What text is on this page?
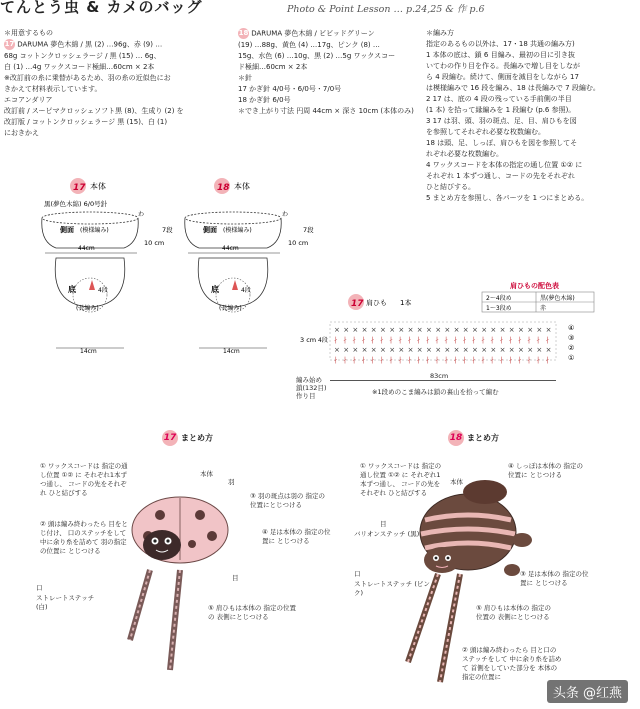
てんとう虫 & カメのバッグ	Photo & Point Lesson … p.24,25 & 作 p.6

＊用意するもの

17 DARUMA 夢色木綿 / 黒 (2) …96g、赤 (9) …

68g コットンクロッシェラージ / 黒 (15) … 6g、

白 (1) …4g ワックスコード極細…60cm × 2本

※改訂前の糸に乗替があるため、羽の糸の近似色にお

きかえて材料表示しています。

エコアンダリア

改訂前 / スーピマクロッシェソフト黒 (8)、生成り (2) を

改訂版 / コットンクロッシェラージ 黒 (15)、白 (1)

におきかえ

18 DARUMA 夢色木綿 / ビビッドグリーン

(19) …88g、黄色 (4) …17g、ピンク (8) …

15g、水色 (6) …10g、黒 (2) …5g ワックスコー

ド極細…60cm × 2本

＊針

17 かぎ針 4/0号・6/0号・7/0号

18 かぎ針 6/0号

＊でき上がり寸法 円周 44cm × 深さ 10cm (本体のみ)

＊編み方

指定のあるもの以外は、17・18 共通の編み方)

1 本体の底は、鎖 6 目編み、最初の目に引き抜

いてわの作り目を作る。長編みで増し目をしなが

ら 4 段編む。続けて、側面を減目をしながら 17

は模様編みで 16 段を編み、18 は長編みで 7 段編む。

2 17 は、底の 4 段の残っている手前側の半目

(1 本) を拾って縁編みを 1 段編む (p.6 参照)。

3 17 は羽、頭、羽の斑点、足、目、肩ひもを図

を参照してそれぞれ必要な枚数編む。

18 は頭、足、しっぽ、肩ひもを図を参照してそ

れぞれ必要な枚数編む。

4 ワックスコードを本体の指定の通し位置 ①② に

それぞれ 1 本ずつ通し、コードの先をそれぞれ

ひと結びする。

5 まとめ方を参照し、各パーツを 1 つにまとめる。

17 本体
黒(夢色木綿) 6/0号針
側面 (模様編み)
44cm
10 cm
7段
わ
底
(長編み)
4段
14cm
18 本体
側面 (模様編み)
44cm
10 cm
7段
わ
底
(長編み)
4段
14cm
肩ひもの配色表
2〜4段め	黒(夢色木綿)
1〜3段め	赤
17 肩ひも 1本
× × × × × × × × × × × × × × × × × × × × × × × ×
∤ ∤ ∤ ∤ ∤ ∤ ∤ ∤ ∤ ∤ ∤ ∤ ∤ ∤ ∤ ∤ ∤ ∤ ∤ ∤ ∤ ∤ ∤ ∤
× × × × × × × × × × × × × × × × × × × × × × × ×
∤ ∤ ∤ ∤ ∤ ∤ ∤ ∤ ∤ ∤ ∤ ∤ ∤ ∤ ∤ ∤ ∤ ∤ ∤ ∤ ∤ ∤ ∤ ∤
3 cm 4段
④
③
②
①
編み始め
鎖(132目)
作り目
83cm
※1段めのこま編みは鎖の裏山を拾って編む
17 まとめ方
① ワックスコードは 指定の通し位置 ①② に それぞれ1本ずつ通し、 コードの先をそれぞれ ひと結びする
② 頭は編み終わったら 目をとじ付け、 口のステッチをして 中に余り糸を詰めて 羽の指定の位置に とじつける
③ 羽の斑点は羽の 指定の位置にとじつける
④ 足は本体の 指定の位置に とじつける
⑤ 肩ひもは本体の 指定の位置の 表側にとじつける
本体
羽
目
口
ストレートステッチ (白)
18 まとめ方
① ワックスコードは 指定の通し位置 ①② に それぞれ1本ずつ通し、 コードの先をそれぞれ ひと結びする
④ しっぽは本体の 指定の位置に とじつける
③ 足は本体の 指定の位置に とじつける
⑤ 肩ひもは本体の 指定の位置の 表側にとじつける
② 頭は編み終わったら 目と口のステッチをして 中に余り糸を詰めて 首側をしていた部分を 本体の指定の位置に
本体
目
バリオンステッチ (黒)
口
ストレートステッチ (ピンク)
头条 @红燕
